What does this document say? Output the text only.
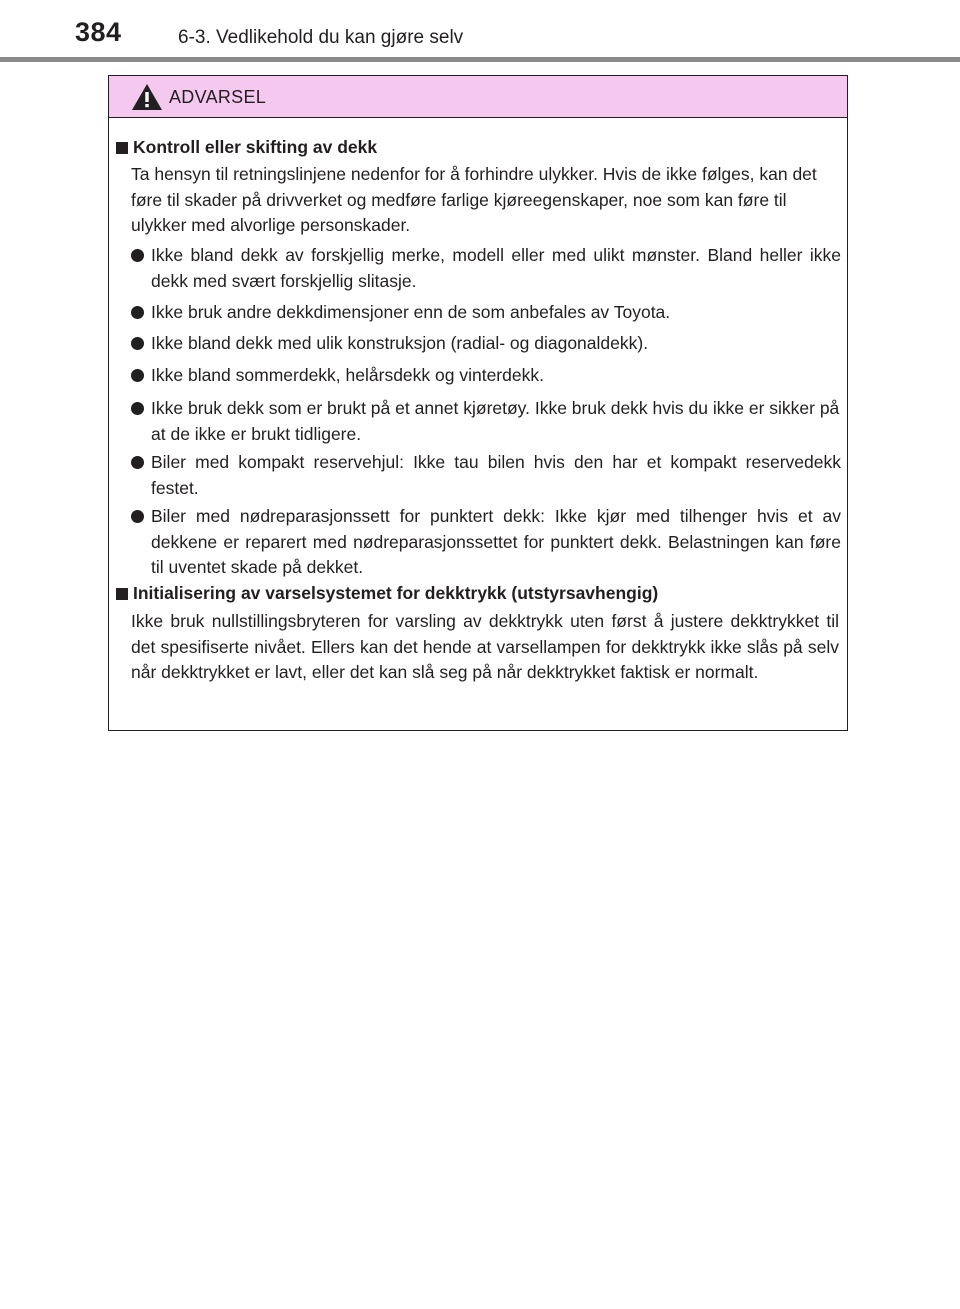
384	6-3. Vedlikehold du kan gjøre selv
ADVARSEL
Kontroll eller skifting av dekk
Ta hensyn til retningslinjene nedenfor for å forhindre ulykker. Hvis de ikke følges, kan det føre til skader på drivverket og medføre farlige kjøreegenskaper, noe som kan føre til ulykker med alvorlige personskader.
Ikke bland dekk av forskjellig merke, modell eller med ulikt mønster. Bland heller ikke dekk med svært forskjellig slitasje.
Ikke bruk andre dekkdimensjoner enn de som anbefales av Toyota.
Ikke bland dekk med ulik konstruksjon (radial- og diagonaldekk).
Ikke bland sommerdekk, helårsdekk og vinterdekk.
Ikke bruk dekk som er brukt på et annet kjøretøy. Ikke bruk dekk hvis du ikke er sikker på at de ikke er brukt tidligere.
Biler med kompakt reservehjul: Ikke tau bilen hvis den har et kompakt reservedekk festet.
Biler med nødreparasjonssett for punktert dekk: Ikke kjør med tilhenger hvis et av dekkene er reparert med nødreparasjonssettet for punktert dekk. Belastningen kan føre til uventet skade på dekket.
Initialisering av varselsystemet for dekktrykk (utstyrsavhengig)
Ikke bruk nullstillingsbryteren for varsling av dekktrykk uten først å justere dekktrykket til det spesifiserte nivået. Ellers kan det hende at varsellampen for dekktrykk ikke slås på selv når dekktrykket er lavt, eller det kan slå seg på når dekktrykket faktisk er normalt.
